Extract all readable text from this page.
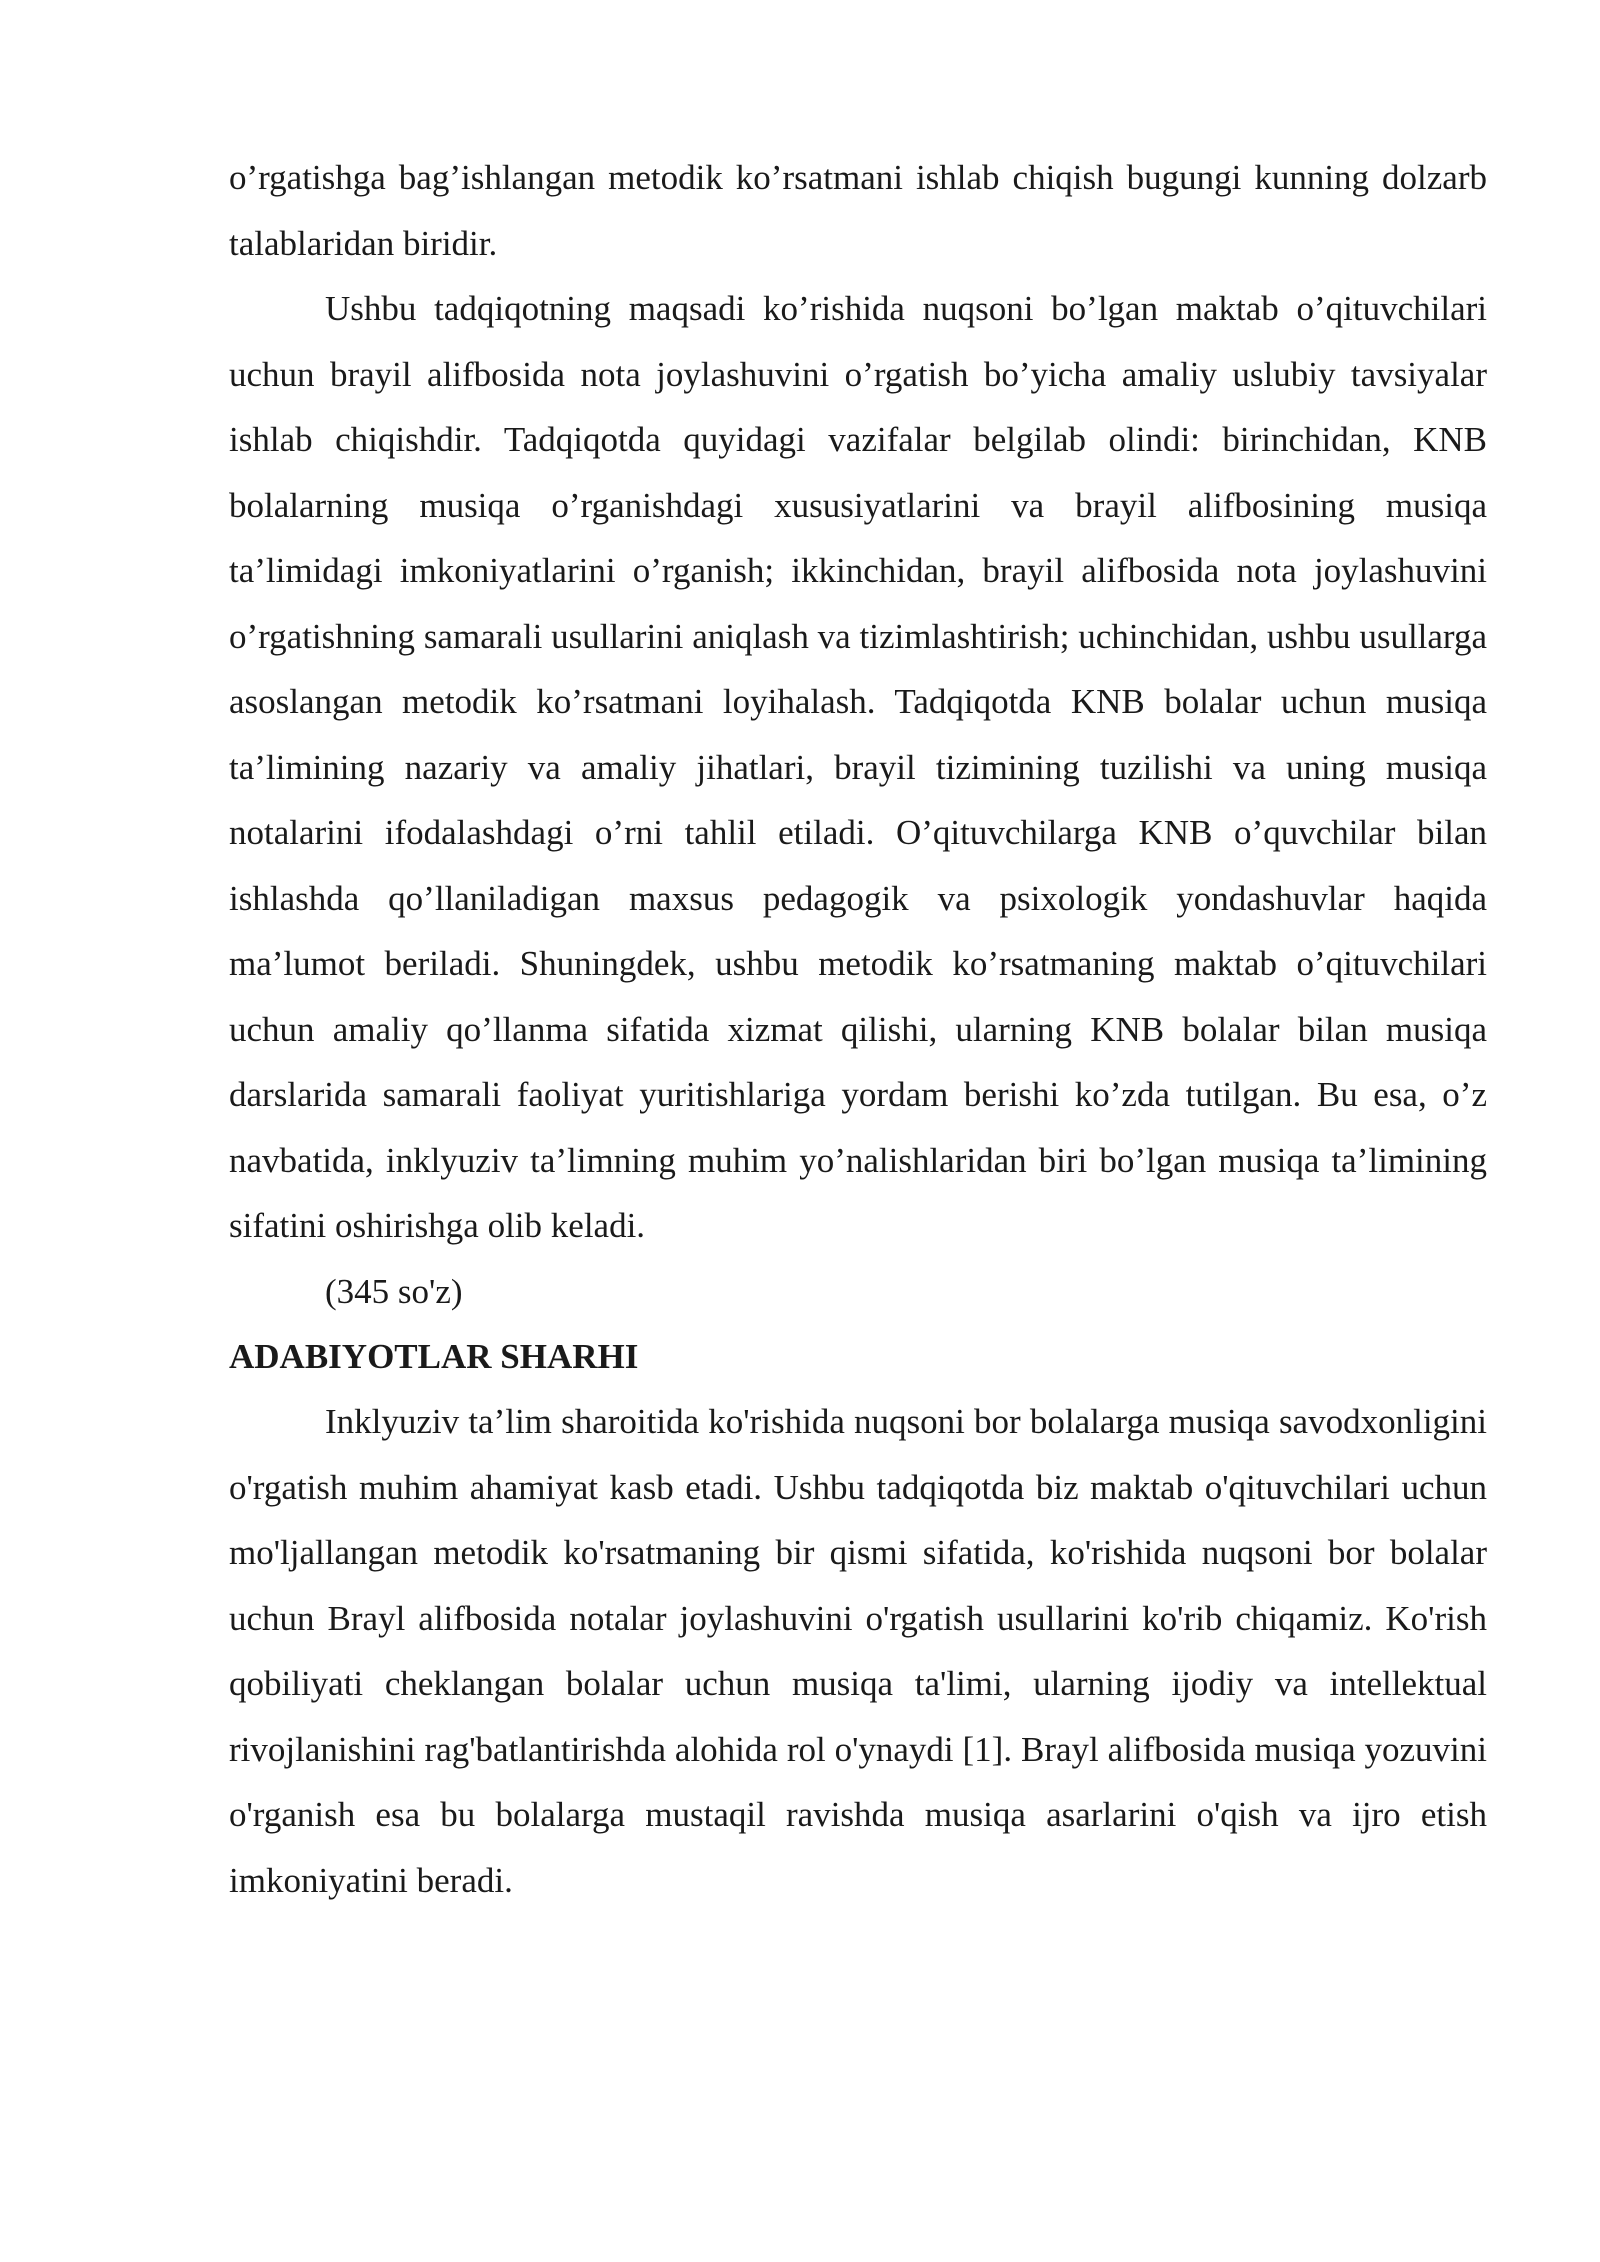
o’rgatishga bag’ishlangan metodik ko’rsatmani ishlab chiqish bugungi kunning dolzarb talablaridan biridir.

Ushbu tadqiqotning maqsadi ko’rishida nuqsoni bo’lgan maktab o’qituvchilari uchun brayil alifbosida nota joylashuvini o’rgatish bo’yicha amaliy uslubiy tavsiyalar ishlab chiqishdir. Tadqiqotda quyidagi vazifalar belgilab olindi: birinchidan, KNB bolalarning musiqa o’rganishdagi xususiyatlarini va brayil alifbosining musiqa ta’limidagi imkoniyatlarini o’rganish; ikkinchidan, brayil alifbosida nota joylashuvini o’rgatishning samarali usullarini aniqlash va tizimlashtirish; uchinchidan, ushbu usullarga asoslangan metodik ko’rsatmani loyihalash. Tadqiqotda KNB bolalar uchun musiqa ta’limining nazariy va amaliy jihatlari, brayil tizimining tuzilishi va uning musiqa notalarini ifodalashdagi o’rni tahlil etiladi. O’qituvchilarga KNB o’quvchilar bilan ishlashda qo’llaniladigan maxsus pedagogik va psixologik yondashuvlar haqida ma’lumot beriladi. Shuningdek, ushbu metodik ko’rsatmaning maktab o’qituvchilari uchun amaliy qo’llanma sifatida xizmat qilishi, ularning KNB bolalar bilan musiqa darslarida samarali faoliyat yuritishlariga yordam berishi ko’zda tutilgan. Bu esa, o’z navbatida, inklyuziv ta’limning muhim yo’nalishlaridan biri bo’lgan musiqa ta’limining sifatini oshirishga olib keladi.

(345 so'z)

ADABIYOTLAR SHARHI

Inklyuziv ta’lim sharoitida ko'rishida nuqsoni bor bolalarga musiqa savodxonligini o'rgatish muhim ahamiyat kasb etadi. Ushbu tadqiqotda biz maktab o'qituvchilari uchun mo'ljallangan metodik ko'rsatmaning bir qismi sifatida, ko'rishida nuqsoni bor bolalar uchun Brayl alifbosida notalar joylashuvini o'rgatish usullarini ko'rib chiqamiz. Ko'rish qobiliyati cheklangan bolalar uchun musiqa ta'limi, ularning ijodiy va intellektual rivojlanishini rag'batlantirishda alohida rol o'ynaydi [1]. Brayl alifbosida musiqa yozuvini o'rganish esa bu bolalarga mustaqil ravishda musiqa asarlarini o'qish va ijro etish imkoniyatini beradi.
